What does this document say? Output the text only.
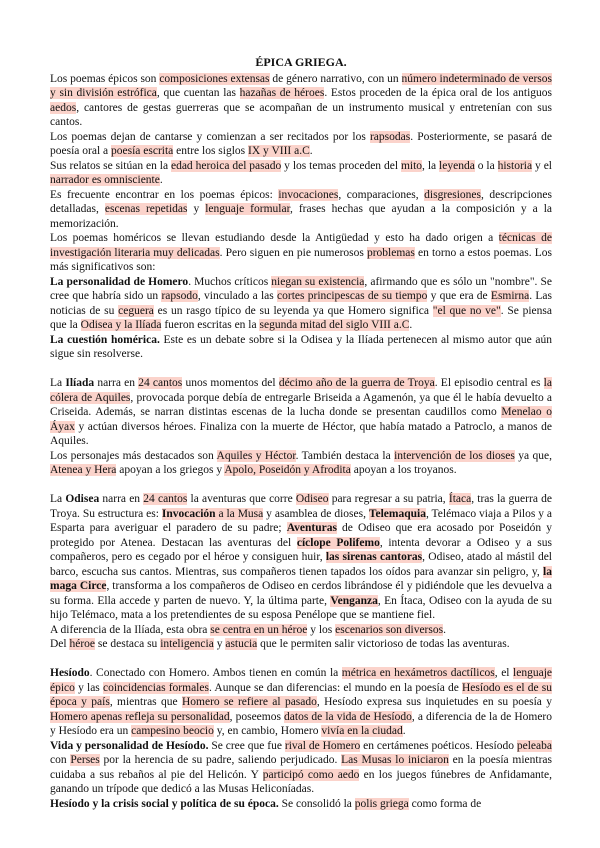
ÉPICA GRIEGA.

Los poemas épicos son composiciones extensas de género narrativo, con un número indeterminado de versos y sin división estrófica, que cuentan las hazañas de héroes. Estos proceden de la épica oral de los antiguos aedos, cantores de gestas guerreras que se acompañan de un instrumento musical y entretenían con sus cantos.

Los poemas dejan de cantarse y comienzan a ser recitados por los rapsodas. Posteriormente, se pasará de poesía oral a poesía escrita entre los siglos IX y VIII a.C.

Sus relatos se sitúan en la edad heroica del pasado y los temas proceden del mito, la leyenda o la historia y el narrador es omnisciente.

Es frecuente encontrar en los poemas épicos: invocaciones, comparaciones, disgresiones, descripciones detalladas, escenas repetidas y lenguaje formular, frases hechas que ayudan a la composición y a la memorización.

Los poemas homéricos se llevan estudiando desde la Antigüedad y esto ha dado origen a técnicas de investigación literaria muy delicadas. Pero siguen en pie numerosos problemas en torno a estos poemas. Los más significativos son:

La personalidad de Homero. Muchos críticos niegan su existencia, afirmando que es sólo un "nombre". Se cree que habría sido un rapsodo, vinculado a las cortes principescas de su tiempo y que era de Esmirna. Las noticias de su ceguera es un rasgo típico de su leyenda ya que Homero significa "el que no ve". Se piensa que la Odisea y la Ilíada fueron escritas en la segunda mitad del siglo VIII a.C.

La cuestión homérica. Este es un debate sobre si la Odisea y la Ilíada pertenecen al mismo autor que aún sigue sin resolverse.

La Ilíada narra en 24 cantos unos momentos del décimo año de la guerra de Troya. El episodio central es la cólera de Aquiles, provocada porque debía de entregarle Briseida a Agamenón, ya que él le había devuelto a Criseida. Además, se narran distintas escenas de la lucha donde se presentan caudillos como Menelao o Áyax y actúan diversos héroes. Finaliza con la muerte de Héctor, que había matado a Patroclo, a manos de Aquiles.

Los personajes más destacados son Aquiles y Héctor. También destaca la intervención de los dioses ya que, Atenea y Hera apoyan a los griegos y Apolo, Poseidón y Afrodita apoyan a los troyanos.

La Odisea narra en 24 cantos la aventuras que corre Odiseo para regresar a su patria, Ítaca, tras la guerra de Troya. Su estructura es: Invocación a la Musa y asamblea de dioses, Telemaquia, Telémaco viaja a Pilos y a Esparta para averiguar el paradero de su padre; Aventuras de Odiseo que era acosado por Poseidón y protegido por Atenea. Destacan las aventuras del cíclope Polifemo, intenta devorar a Odiseo y a sus compañeros, pero es cegado por el héroe y consiguen huir, las sirenas cantoras, Odiseo, atado al mástil del barco, escucha sus cantos. Mientras, sus compañeros tienen tapados los oídos para avanzar sin peligro, y, la maga Circe, transforma a los compañeros de Odiseo en cerdos librándose él y pidiéndole que les devuelva a su forma. Ella accede y parten de nuevo. Y, la última parte, Venganza, En Ítaca, Odiseo con la ayuda de su hijo Telémaco, mata a los pretendientes de su esposa Penélope que se mantiene fiel.

A diferencia de la Ilíada, esta obra se centra en un héroe y los escenarios son diversos.

Del héroe se destaca su inteligencia y astucia que le permiten salir victorioso de todas las aventuras.

Hesíodo. Conectado con Homero. Ambos tienen en común la métrica en hexámetros dactílicos, el lenguaje épico y las coincidencias formales. Aunque se dan diferencias: el mundo en la poesía de Hesíodo es el de su época y país, mientras que Homero se refiere al pasado, Hesíodo expresa sus inquietudes en su poesía y Homero apenas refleja su personalidad, poseemos datos de la vida de Hesíodo, a diferencia de la de Homero y Hesíodo era un campesino beocio y, en cambio, Homero vivía en la ciudad.

Vida y personalidad de Hesíodo. Se cree que fue rival de Homero en certámenes poéticos. Hesíodo peleaba con Perses por la herencia de su padre, saliendo perjudicado. Las Musas lo iniciaron en la poesía mientras cuidaba a sus rebaños al pie del Helicón. Y participó como aedo en los juegos fúnebres de Anfidamante, ganando un trípode que dedicó a las Musas Heliconíadas.

Hesíodo y la crisis social y política de su época. Se consolidó la polis griega como forma de
